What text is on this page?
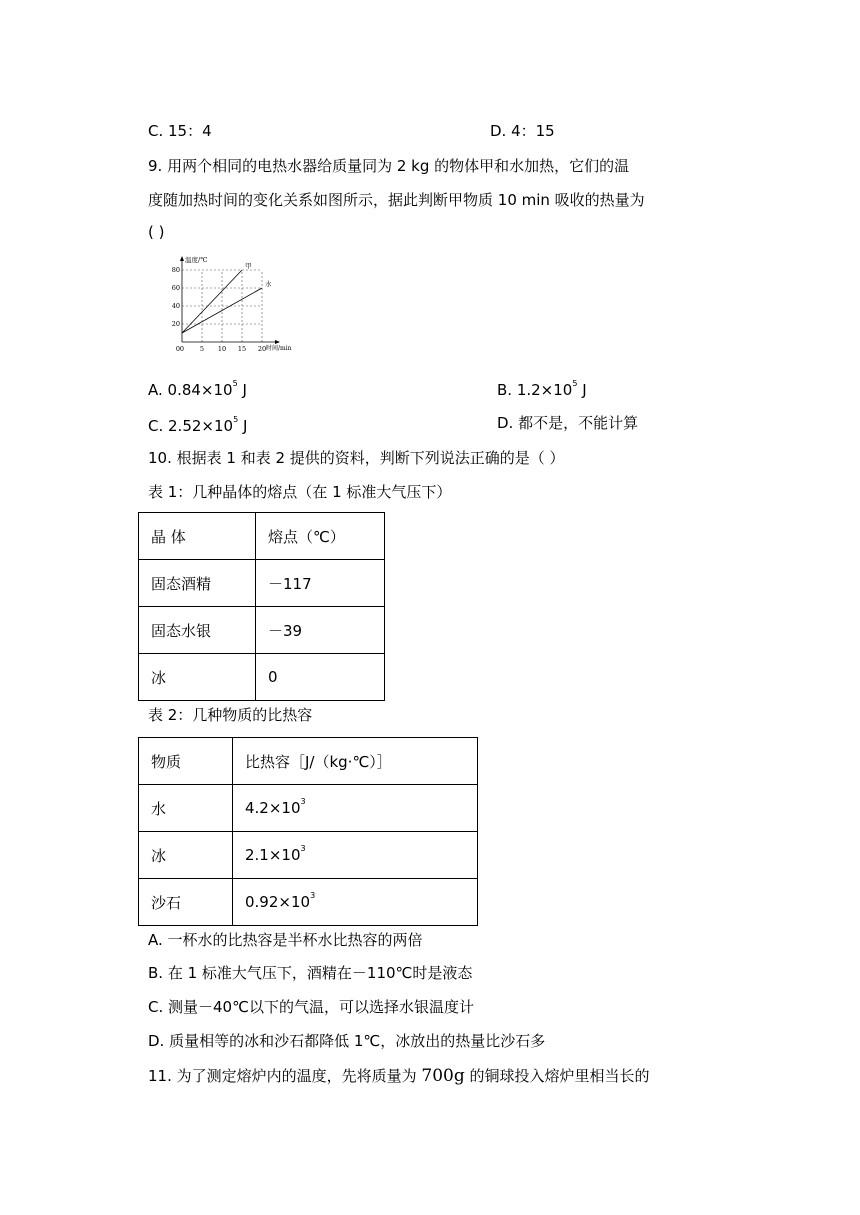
C. 15：4	D. 4：15
9. 用两个相同的电热水器给质量同为 2 kg 的物体甲和水加热，它们的温
度随加热时间的变化关系如图所示，据此判断甲物质 10 min 吸收的热量为
( )
0 5 10 15 20
20
40
60
80
0
温度/℃
时间/min
甲
水
A. $0.84\times 10^5$ J	B. $1.2\times 10^5$ J
C. $2.52\times 10^5$ J	D. 都不是，不能计算
10. 根据表 1 和表 2 提供的资料，判断下列说法正确的是（ ）
表 1：几种晶体的熔点（在 1 标准大气压下）
晶 体	熔点（℃）
固态酒精	－117
固态水银	－39
冰	0
表 2：几种物质的比热容
物质	比热容［J/（kg·℃）］
水	$4.2\times 10^3$
冰	$2.1\times 10^3$
沙石	$0.92\times 10^3$
A. 一杯水的比热容是半杯水比热容的两倍
B. 在 1 标准大气压下，酒精在－110℃时是液态
C. 测量－40℃以下的气温，可以选择水银温度计
D. 质量相等的冰和沙石都降低 1℃，冰放出的热量比沙石多
11. 为了测定熔炉内的温度，先将质量为 700g 的铜球投入熔炉里相当长的
